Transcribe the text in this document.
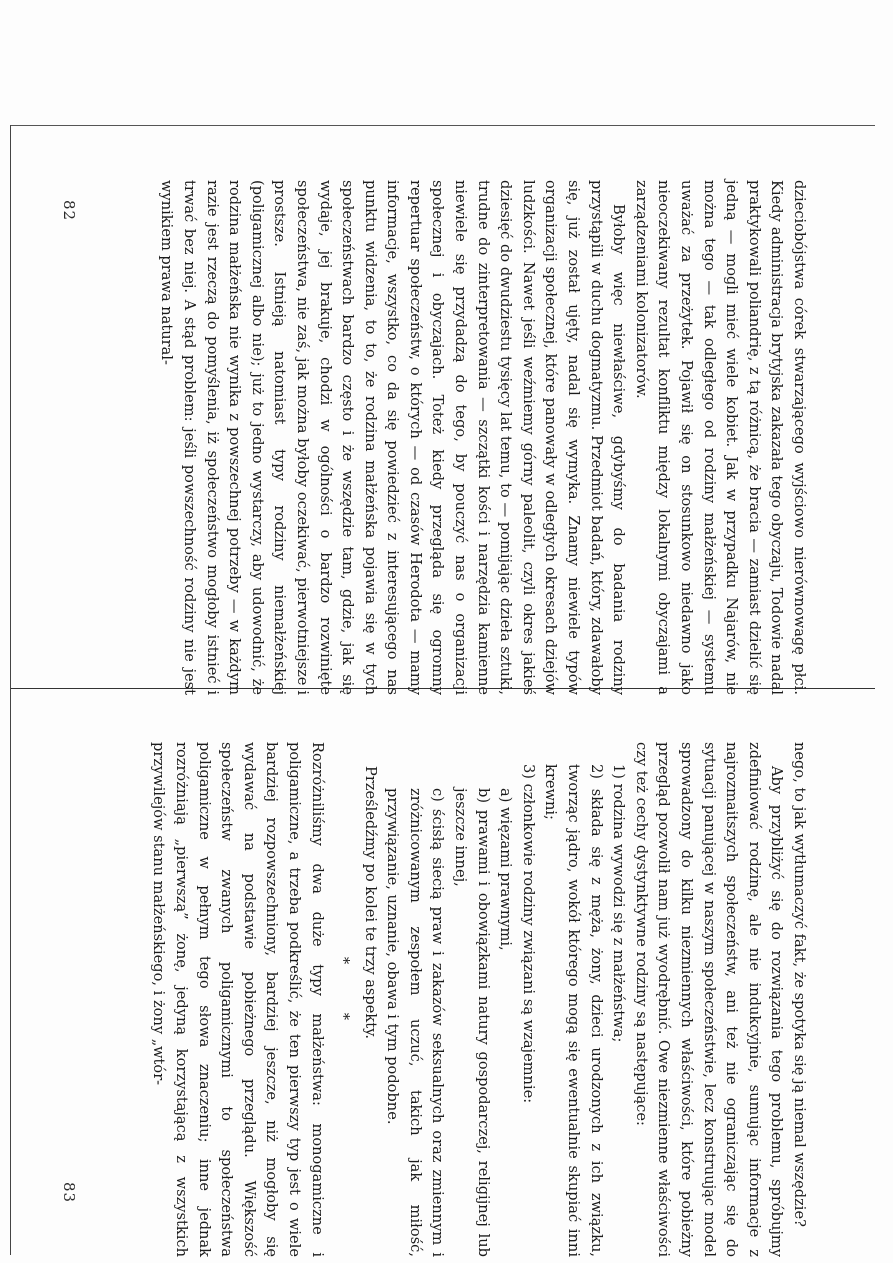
dzieciobójstwa córek stwarzającego wyjściowo nierównowagę płci. Kiedy administracja brytyjska zakazała tego obyczaju, Todowie nadal praktykowali poliandrię, z tą różnicą, że bracia — zamiast dzielić się jedną — mogli mieć wiele kobiet. Jak w przypadku Najarów, nie można tego — tak odległego od rodziny małżeńskiej — systemu uważać za przeżytek. Pojawił się on stosunkowo niedawno jako nieoczekiwany rezultat konfliktu między lokalnymi obyczajami a zarządzeniami kolonizatorów.

Byłoby więc niewłaściwe, gdybyśmy do badania rodziny przystąpili w duchu dogmatyzmu. Przedmiot badań, który, zdawałoby się, już został ujęty, nadal się wymyka. Znamy niewiele typów organizacji społecznej, które panowały w odległych okresach dziejów ludzkości. Nawet jeśli weźmiemy górny paleolit, czyli okres jakieś dziesięć do dwudziestu tysięcy lat temu, to — pomijając dzieła sztuki, trudne do zinterpretowania — szczątki kości i narzędzia kamienne niewiele się przydadzą do tego, by pouczyć nas o organizacji społecznej i obyczajach. Toteż kiedy przegląda się ogromny repertuar społeczeństw, o których — od czasów Herodota — mamy informacje, wszystko, co da się powiedzieć z interesującego nas punktu widzenia, to to, że rodzina małżeńska pojawia się w tych społeczeństwach bardzo często i że wszędzie tam, gdzie, jak się wydaje, jej brakuje, chodzi w ogólności o bardzo rozwinięte społeczeństwa, nie zaś, jak można byłoby oczekiwać, pierwotniejsze i prostsze. Istnieją natomiast typy rodziny niemałżeńskiej (poligamicznej albo nie); już to jedno wystarczy, aby udowodnić, że rodzina małżeńska nie wynika z powszechnej potrzeby — w każdym razie jest rzeczą do pomyślenia, iż społeczeństwo mogłoby istnieć i trwać bez niej. A stąd problem: jeśli powszechność rodziny nie jest wynikiem prawa natural-

82

nego, to jak wytłumaczyć fakt, że spotyka się ją niemal wszędzie?

Aby przybliżyć się do rozwiązania tego problemu, spróbujmy zdefiniować rodzinę, ale nie indukcyjnie, sumując informacje z najrozmaitszych społeczeństw, ani też nie ograniczając się do sytuacji panującej w naszym społeczeństwie, lecz konstruując model sprowadzony do kilku niezmiennych właściwości, które pobieżny przegląd pozwolił nam już wyodrębnić. Owe niezmienne właściwości czy też cechy dystynktywne rodziny są następujące:

1) rodzina wywodzi się z małżeństwa;

2) składa się z męża, żony, dzieci urodzonych z ich związku, tworząc jądro, wokół którego mogą się ewentualnie skupiać inni krewni;

3) członkowie rodziny związani są wzajemnie:

a) więzami prawnymi,

b) prawami i obowiązkami natury gospodarczej, religijnej lub jeszcze innej,

c) ścisłą siecią praw i zakazów seksualnych oraz zmiennym i zróżnicowanym zespołem uczuć, takich jak miłość, przywiązanie, uznanie, obawa i tym podobne.

Prześledźmy po kolei te trzy aspekty.

* *

Rozróżniliśmy dwa duże typy małżeństwa: monogamiczne i poligamiczne, a trzeba podkreślić, że ten pierwszy typ jest o wiele bardziej rozpowszechniony, bardziej jeszcze, niż mogłoby się wydawać na podstawie pobieżnego przeglądu. Większość społeczeństw zwanych poligamicznymi to społeczeństwa poligamiczne w pełnym tego słowa znaczeniu; inne jednak rozróżniają „pierwszą” żonę, jedyną korzystającą z wszystkich przywilejów stanu małżeńskiego, i żony „wtór-

83
